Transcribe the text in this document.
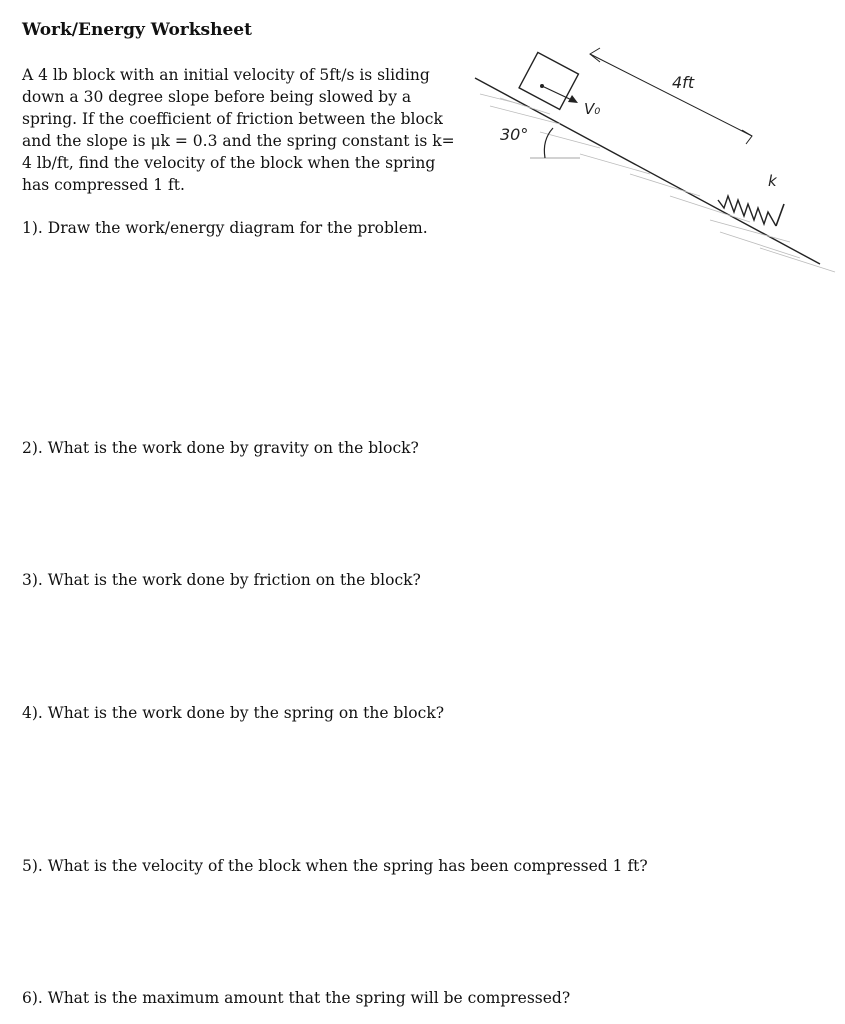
Work/Energy Worksheet
A 4 lb block with an initial velocity of 5ft/s is sliding
down a 30 degree slope before being slowed by a
spring. If the coefficient of friction between the block
and the slope is μk = 0.3 and the spring constant is k=
4 lb/ft, find the velocity of the block when the spring
has compressed 1 ft.
1). Draw the work/energy diagram for the problem.
2). What is the work done by gravity on the block?
3). What is the work done by friction on the block?
4). What is the work done by the spring on the block?
5). What is the velocity of the block when the spring has been compressed 1 ft?
6). What is the maximum amount that the spring will be compressed?
30°
V₀
4ft
k
